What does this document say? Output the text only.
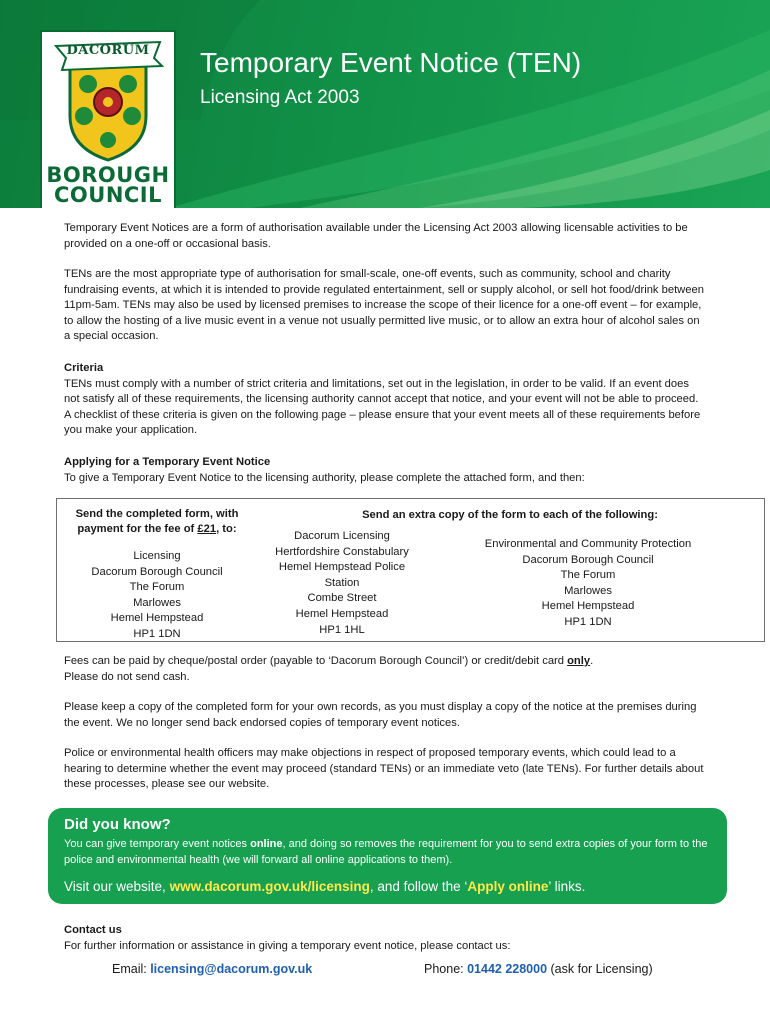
DACORUM
BOROUGH
COUNCIL
Temporary Event Notice (TEN)
Licensing Act 2003

Temporary Event Notices are a form of authorisation available under the Licensing Act 2003 allowing licensable activities to be provided on a one-off or occasional basis.

TENs are the most appropriate type of authorisation for small-scale, one-off events, such as community, school and charity fundraising events, at which it is intended to provide regulated entertainment, sell or supply alcohol, or sell hot food/drink between 11pm-5am. TENs may also be used by licensed premises to increase the scope of their licence for a one-off event – for example, to allow the hosting of a live music event in a venue not usually permitted live music, or to allow an extra hour of alcohol sales on a special occasion.

Criteria

TENs must comply with a number of strict criteria and limitations, set out in the legislation, in order to be valid. If an event does not satisfy all of these requirements, the licensing authority cannot accept that notice, and your event will not be able to proceed. A checklist of these criteria is given on the following page – please ensure that your event meets all of these requirements before you make your application.

Applying for a Temporary Event Notice

To give a Temporary Event Notice to the licensing authority, please complete the attached form, and then:

Send the completed form, with
payment for the fee of £21, to:
Licensing
Dacorum Borough Council
The Forum
Marlowes
Hemel Hempstead
HP1 1DN
Send an extra copy of the form to each of the following:
Dacorum Licensing
Hertfordshire Constabulary
Hemel Hempstead Police
Station
Combe Street
Hemel Hempstead
HP1 1HL
Environmental and Community Protection
Dacorum Borough Council
The Forum
Marlowes
Hemel Hempstead
HP1 1DN

Fees can be paid by cheque/postal order (payable to ‘Dacorum Borough Council’) or credit/debit card only.

Please do not send cash.

Please keep a copy of the completed form for your own records, as you must display a copy of the notice at the premises during the event. We no longer send back endorsed copies of temporary event notices.

Police or environmental health officers may make objections in respect of proposed temporary events, which could lead to a hearing to determine whether the event may proceed (standard TENs) or an immediate veto (late TENs). For further details about these processes, please see our website.

Did you know?
You can give temporary event notices online, and doing so removes the requirement for you to send extra copies of your form to the police and environmental health (we will forward all online applications to them).
Visit our website, www.dacorum.gov.uk/licensing, and follow the ‘Apply online’ links.

Contact us

For further information or assistance in giving a temporary event notice, please contact us:

Email: licensing@dacorum.gov.uk	Phone: 01442 228000 (ask for Licensing)
